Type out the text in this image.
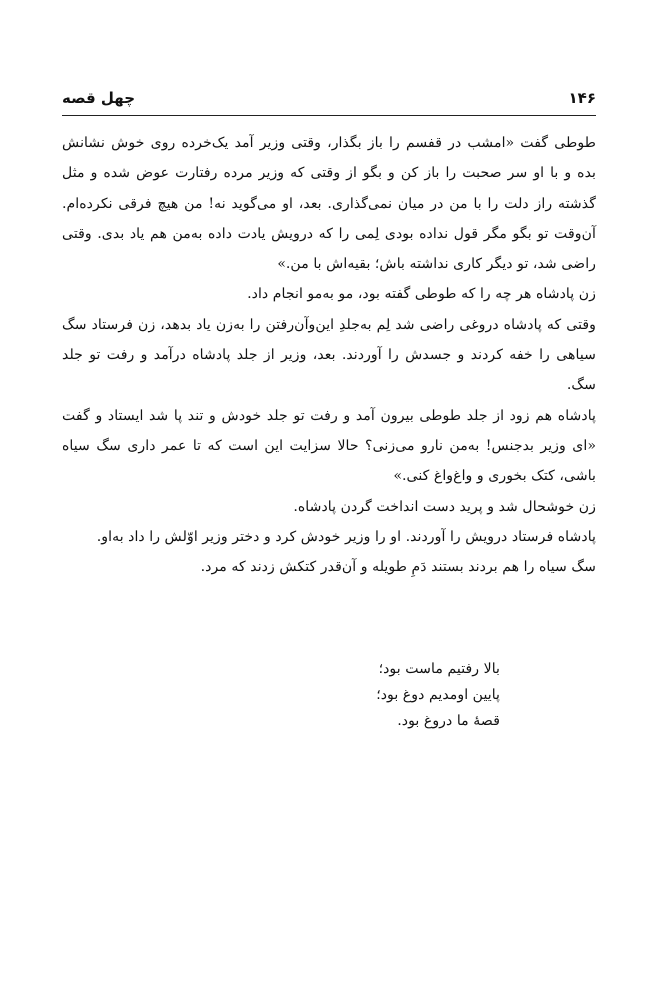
۱۴۶
چهل قصه

طوطی گفت «امشب در قفسم را باز بگذار، وقتی وزیر آمد یک‌خرده روی خوش نشانش بده و با او سر صحبت را باز کن و بگو از وقتی که وزیر مرده رفتارت عوض شده و مثل گذشته راز دلت را با من در میان نمی‌گذاری. بعد، او می‌گوید نه! من هیچ فرقی نکرده‌ام. آن‌وقت تو بگو مگر قول نداده بودی لِمی را که درویش یادت داده به‌من هم یاد بدی. وقتی راضی شد، تو دیگر کاری نداشته باش؛ بقیه‌اش با من.»

زن پادشاه هر چه را که طوطی گفته بود، مو به‌مو انجام داد.

وقتی که پادشاه دروغی راضی شد لِم به‌جلدِ این‌وآن‌رفتن را به‌زن یاد بدهد، زن فرستاد سگ سیاهی را خفه کردند و جسدش را آوردند. بعد، وزیر از جلد پادشاه درآمد و رفت تو جلد سگ.

پادشاه هم زود از جلد طوطی بیرون آمد و رفت تو جلد خودش و تند پا شد ایستاد و گفت «ای وزیر بدجنس! به‌من نارو می‌زنی؟ حالا سزایت این است که تا عمر داری سگ سیاه باشی، کتک بخوری و واغ‌واغ کنی.»

زن خوشحال شد و پرید دست انداخت گردن پادشاه.

پادشاه فرستاد درویش را آوردند. او را وزیر خودش کرد و دختر وزیر اوّلش را داد به‌او.

سگ سیاه را هم بردند بستند دَمِ طویله و آن‌قدر کتکش زدند که مرد.

بالا رفتیم ماست بود؛
پایین اومدیم دوغ بود؛
قصهٔ ما دروغ بود.
